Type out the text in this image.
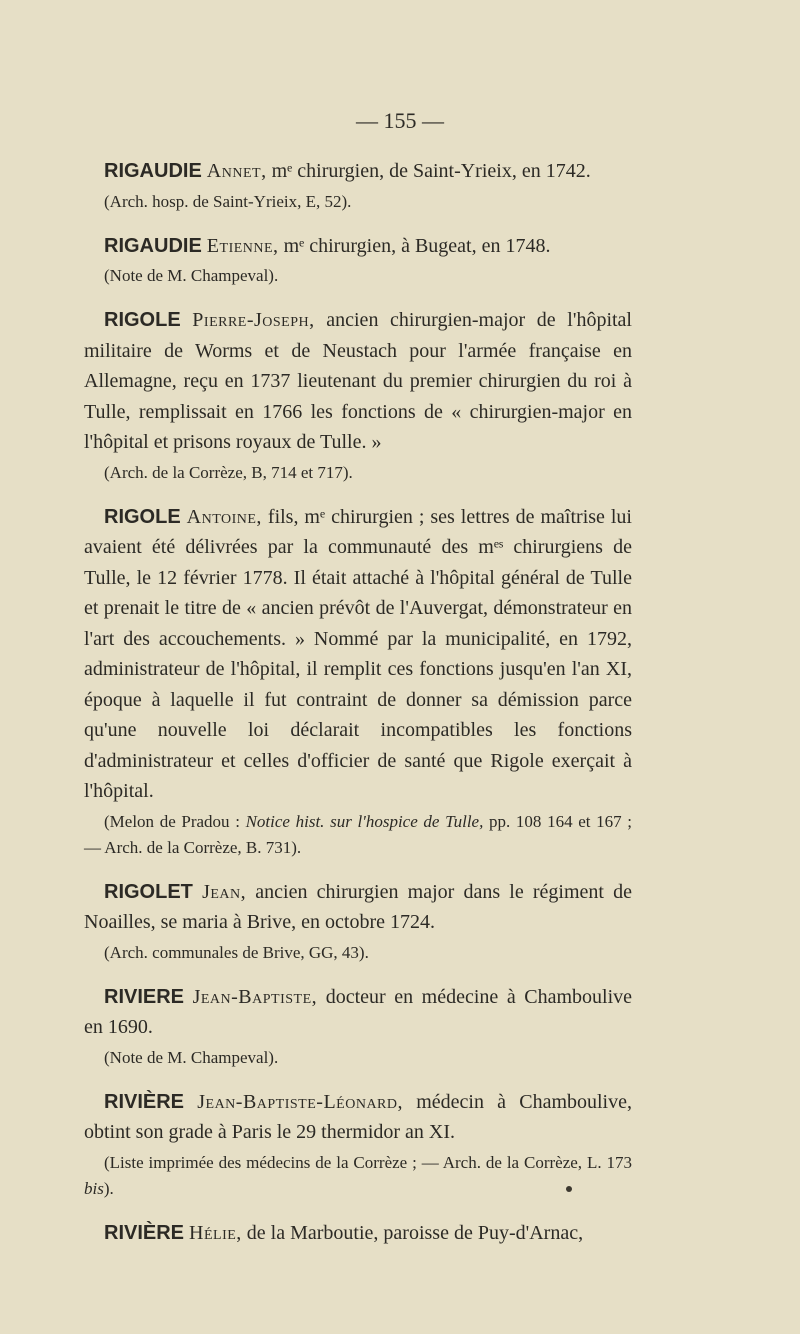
— 155 —

RIGAUDIE Annet, mᵉ chirurgien, de Saint-Yrieix, en 1742.

(Arch. hosp. de Saint-Yrieix, E, 52).

RIGAUDIE Etienne, mᵉ chirurgien, à Bugeat, en 1748.

(Note de M. Champeval).

RIGOLE Pierre-Joseph, ancien chirurgien-major de l'hôpital militaire de Worms et de Neustach pour l'armée française en Allemagne, reçu en 1737 lieutenant du premier chirurgien du roi à Tulle, remplissait en 1766 les fonctions de « chirurgien-major en l'hôpital et prisons royaux de Tulle. »

(Arch. de la Corrèze, B, 714 et 717).

RIGOLE Antoine, fils, mᵉ chirurgien ; ses lettres de maîtrise lui avaient été délivrées par la communauté des mᵉˢ chirurgiens de Tulle, le 12 février 1778. Il était attaché à l'hôpital général de Tulle et prenait le titre de « ancien prévôt de l'Auvergat, démonstrateur en l'art des accouchements. » Nommé par la municipalité, en 1792, administrateur de l'hôpital, il remplit ces fonctions jusqu'en l'an XI, époque à laquelle il fut contraint de donner sa démission parce qu'une nouvelle loi déclarait incompatibles les fonctions d'administrateur et celles d'officier de santé que Rigole exerçait à l'hôpital.

(Melon de Pradou : Notice hist. sur l'hospice de Tulle, pp. 108 164 et 167 ; — Arch. de la Corrèze, B. 731).

RIGOLET Jean, ancien chirurgien major dans le régiment de Noailles, se maria à Brive, en octobre 1724.

(Arch. communales de Brive, GG, 43).

RIVIERE Jean-Baptiste, docteur en médecine à Chamboulive en 1690.

(Note de M. Champeval).

RIVIÈRE Jean-Baptiste-Léonard, médecin à Chamboulive, obtint son grade à Paris le 29 thermidor an XI.

(Liste imprimée des médecins de la Corrèze ; — Arch. de la Corrèze, L. 173 bis).

RIVIÈRE Hélie, de la Marboutie, paroisse de Puy-d'Arnac,
